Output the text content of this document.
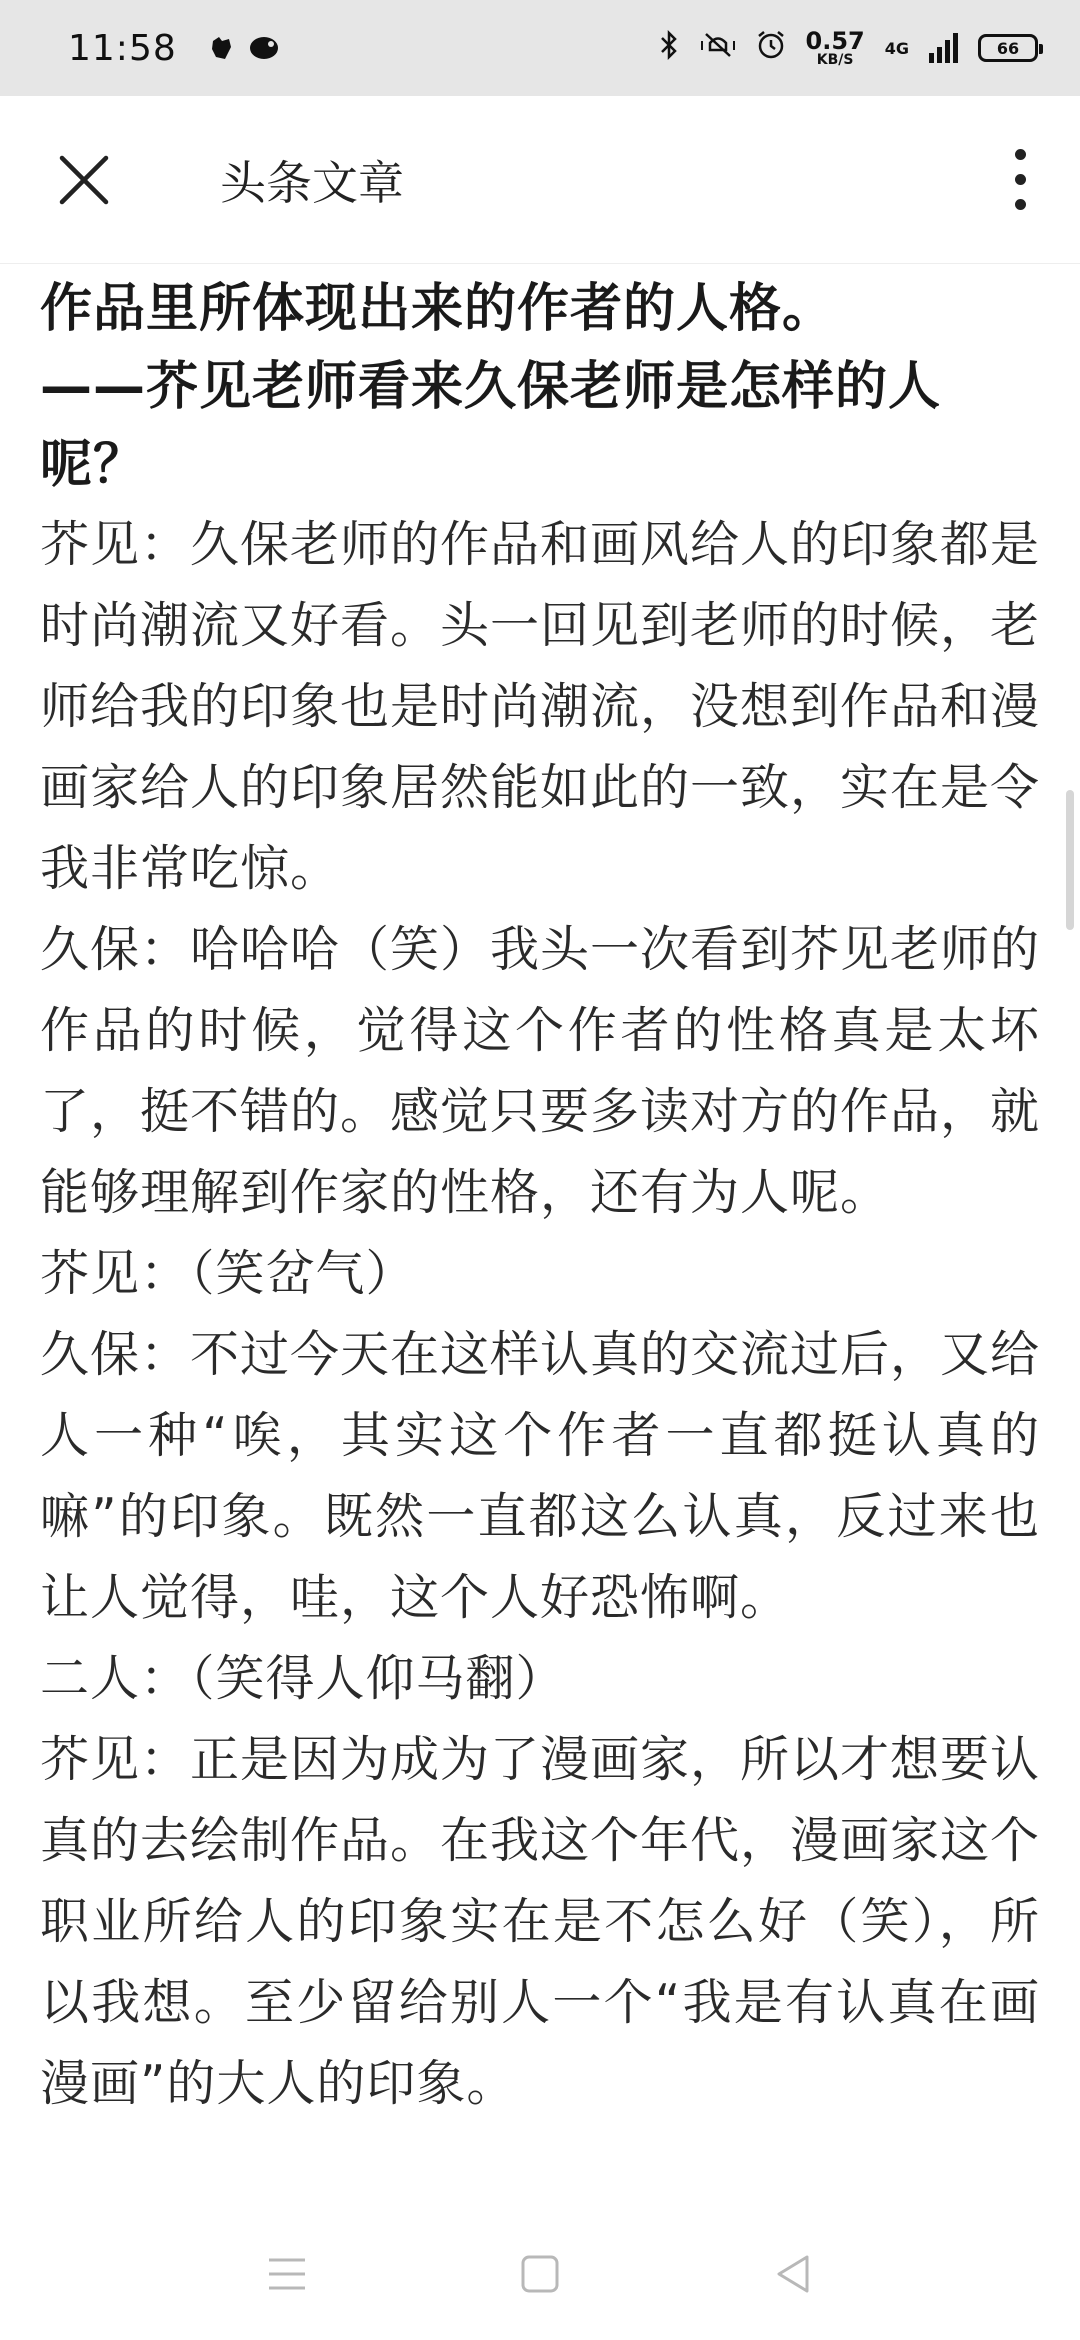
11:58	0.57
KB/S
4G	66
头条文章
作品里所体现出来的作者的人格。
——芥见老师看来久保老师是怎样的人呢？

芥见：久保老师的作品和画风给人的印象都是时尚潮流又好看。头一回见到老师的时候，老师给我的印象也是时尚潮流，没想到作品和漫画家给人的印象居然能如此的一致，实在是令我非常吃惊。

久保：哈哈哈（笑）我头一次看到芥见老师的作品的时候，觉得这个作者的性格真是太坏了，挺不错的。感觉只要多读对方的作品，就能够理解到作家的性格，还有为人呢。

芥见：（笑岔气）

久保：不过今天在这样认真的交流过后，又给人一种“唉，其实这个作者一直都挺认真的嘛”的印象。既然一直都这么认真，反过来也让人觉得，哇，这个人好恐怖啊。

二人：（笑得人仰马翻）

芥见：正是因为成为了漫画家，所以才想要认真的去绘制作品。在我这个年代，漫画家这个职业所给人的印象实在是不怎么好（笑），所以我想。至少留给别人一个“我是有认真在画漫画”的大人的印象。
